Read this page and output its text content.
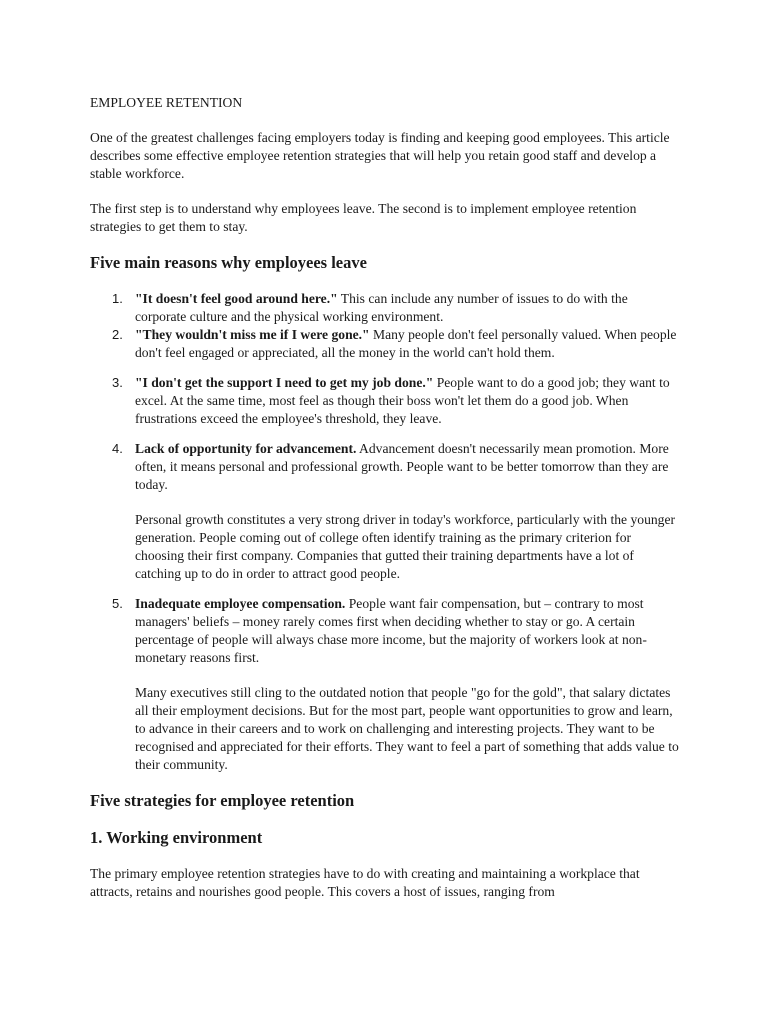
EMPLOYEE RETENTION

One of the greatest challenges facing employers today is finding and keeping good employees. This article describes some effective employee retention strategies that will help you retain good staff and develop a stable workforce.

The first step is to understand why employees leave. The second is to implement employee retention strategies to get them to stay.

Five main reasons why employees leave
1. "It doesn't feel good around here." This can include any number of issues to do with the corporate culture and the physical working environment.
2. "They wouldn't miss me if I were gone." Many people don't feel personally valued. When people don't feel engaged or appreciated, all the money in the world can't hold them.
3. "I don't get the support I need to get my job done." People want to do a good job; they want to excel. At the same time, most feel as though their boss won't let them do a good job. When frustrations exceed the employee's threshold, they leave.
4. Lack of opportunity for advancement. Advancement doesn't necessarily mean promotion. More often, it means personal and professional growth. People want to be better tomorrow than they are today.

Personal growth constitutes a very strong driver in today's workforce, particularly with the younger generation. People coming out of college often identify training as the primary criterion for choosing their first company. Companies that gutted their training departments have a lot of catching up to do in order to attract good people.

5. Inadequate employee compensation. People want fair compensation, but – contrary to most managers' beliefs – money rarely comes first when deciding whether to stay or go. A certain percentage of people will always chase more income, but the majority of workers look at non-monetary reasons first.

Many executives still cling to the outdated notion that people "go for the gold", that salary dictates all their employment decisions. But for the most part, people want opportunities to grow and learn, to advance in their careers and to work on challenging and interesting projects. They want to be recognised and appreciated for their efforts. They want to feel a part of something that adds value to their community.

Five strategies for employee retention
1. Working environment

The primary employee retention strategies have to do with creating and maintaining a workplace that attracts, retains and nourishes good people. This covers a host of issues, ranging from
